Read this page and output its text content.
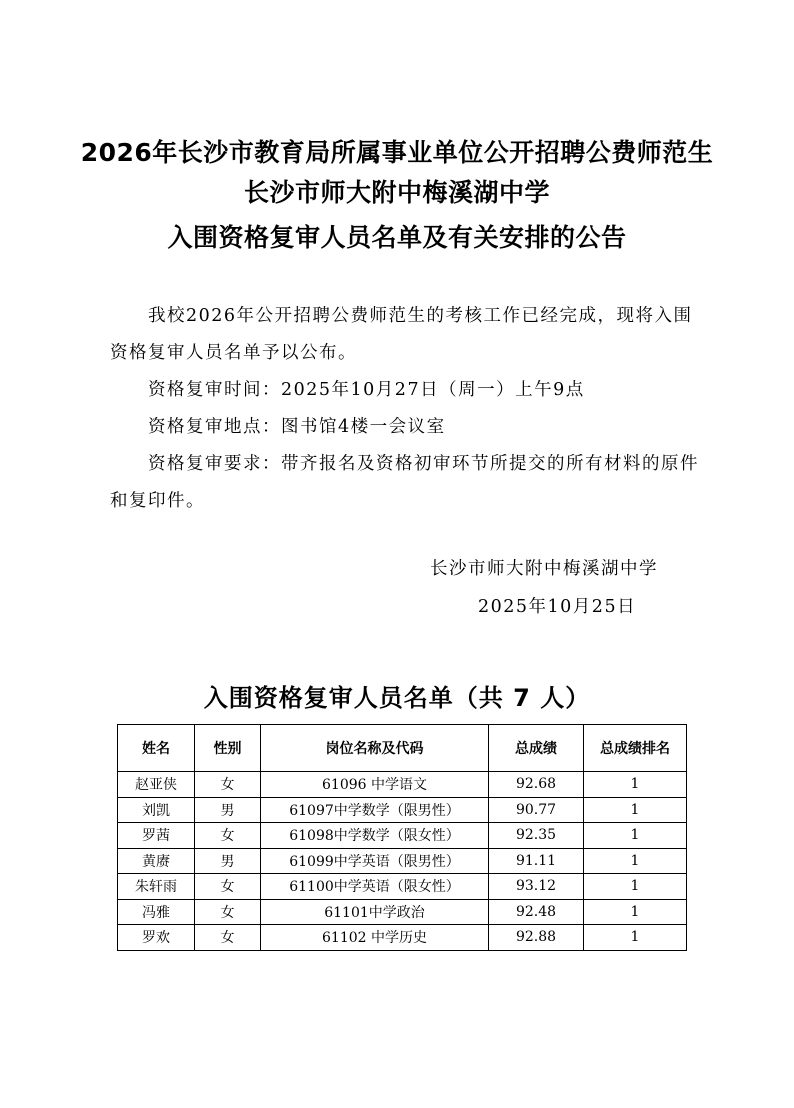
2026年长沙市教育局所属事业单位公开招聘公费师范生
长沙市师大附中梅溪湖中学
入围资格复审人员名单及有关安排的公告

我校2026年公开招聘公费师范生的考核工作已经完成，现将入围资格复审人员名单予以公布。

资格复审时间：2025年10月27日（周一）上午9点

资格复审地点：图书馆4楼一会议室

资格复审要求：带齐报名及资格初审环节所提交的所有材料的原件和复印件。

长沙市师大附中梅溪湖中学
2025年10月25日
入围资格复审人员名单（共 7 人）
姓名	性别	岗位名称及代码	总成绩	总成绩排名
赵亚侠	女	61096 中学语文	92.68	1
刘凯	男	61097中学数学（限男性）	90.77	1
罗茜	女	61098中学数学（限女性）	92.35	1
黄赓	男	61099中学英语（限男性）	91.11	1
朱轩雨	女	61100中学英语（限女性）	93.12	1
冯雅	女	61101中学政治	92.48	1
罗欢	女	61102 中学历史	92.88	1
